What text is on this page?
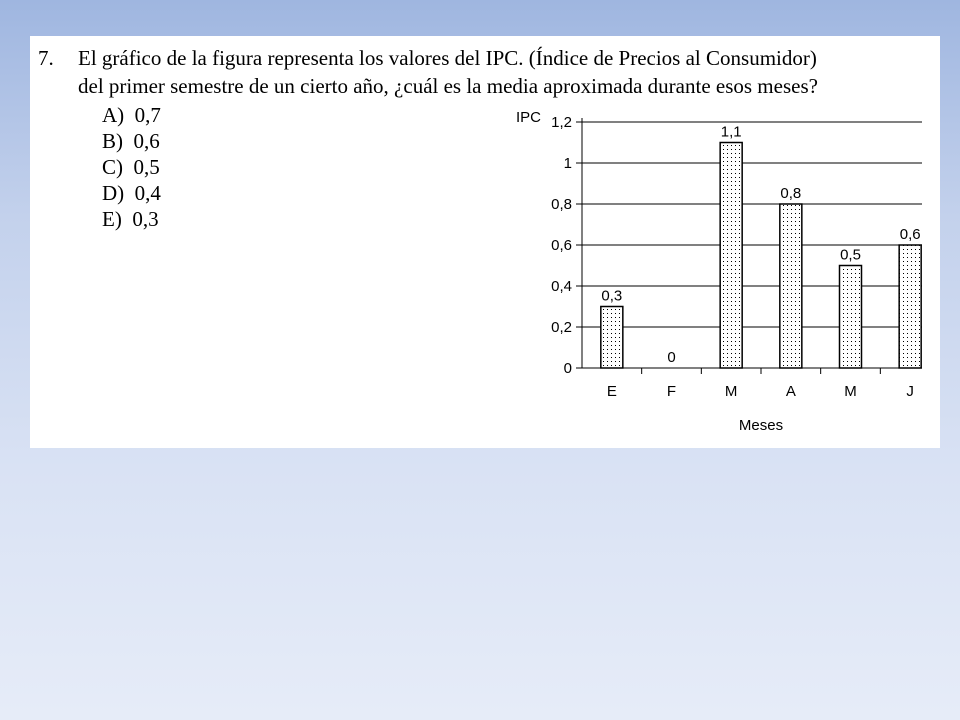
7. El gráfico de la figura representa los valores del IPC. (Índice de Precios al Consumidor)
del primer semestre de un cierto año, ¿cuál es la media aproximada durante esos meses?
A) 0,7
B) 0,6
C) 0,5
D) 0,4
E) 0,3
0
0,2
0,4
0,6
0,8
1
1,2
0,3
0
1,1
0,8
0,5
0,6
E	F	M	A	M	J
IPC
Meses
